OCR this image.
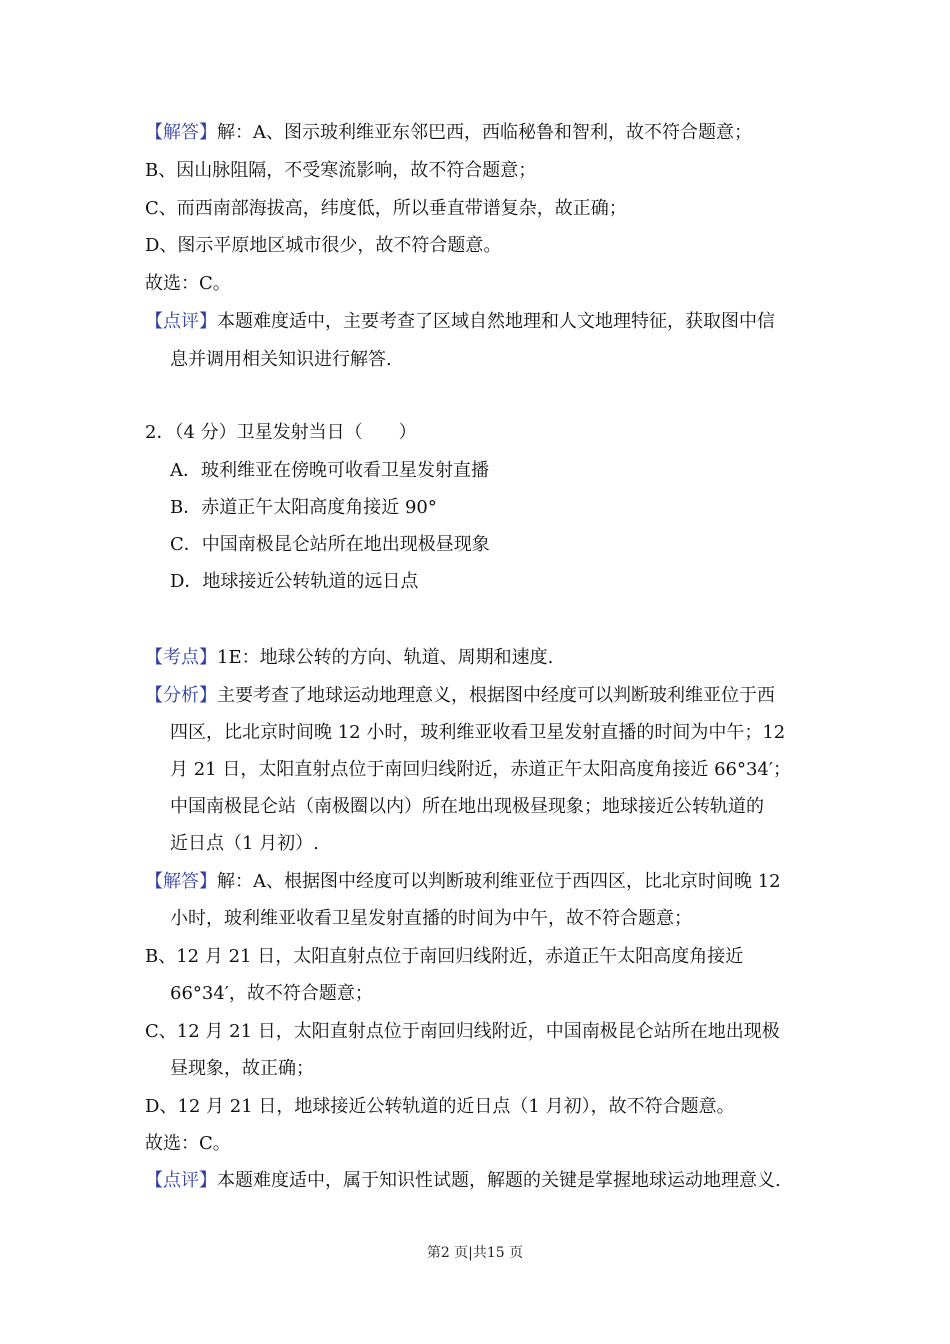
【解答】解：A、图示玻利维亚东邻巴西，西临秘鲁和智利，故不符合题意；
B、因山脉阻隔，不受寒流影响，故不符合题意；
C、而西南部海拔高，纬度低，所以垂直带谱复杂，故正确；
D、图示平原地区城市很少，故不符合题意。
故选：C。
【点评】本题难度适中，主要考查了区域自然地理和人文地理特征，获取图中信
息并调用相关知识进行解答.
2．（4 分）卫星发射当日（　　）
A．玻利维亚在傍晚可收看卫星发射直播
B．赤道正午太阳高度角接近 90°
C．中国南极昆仑站所在地出现极昼现象
D．地球接近公转轨道的远日点
【考点】1E：地球公转的方向、轨道、周期和速度.
【分析】主要考查了地球运动地理意义，根据图中经度可以判断玻利维亚位于西
四区，比北京时间晚 12 小时，玻利维亚收看卫星发射直播的时间为中午；12
月 21 日，太阳直射点位于南回归线附近，赤道正午太阳高度角接近 66°34′；
中国南极昆仑站（南极圈以内）所在地出现极昼现象；地球接近公转轨道的
近日点（1 月初）.
【解答】解：A、根据图中经度可以判断玻利维亚位于西四区，比北京时间晚 12
小时，玻利维亚收看卫星发射直播的时间为中午，故不符合题意；
B、12 月 21 日，太阳直射点位于南回归线附近，赤道正午太阳高度角接近
66°34′，故不符合题意；
C、12 月 21 日，太阳直射点位于南回归线附近，中国南极昆仑站所在地出现极
昼现象，故正确；
D、12 月 21 日，地球接近公转轨道的近日点（1 月初），故不符合题意。
故选：C。
【点评】本题难度适中，属于知识性试题，解题的关键是掌握地球运动地理意义.
第2 页|共15 页
